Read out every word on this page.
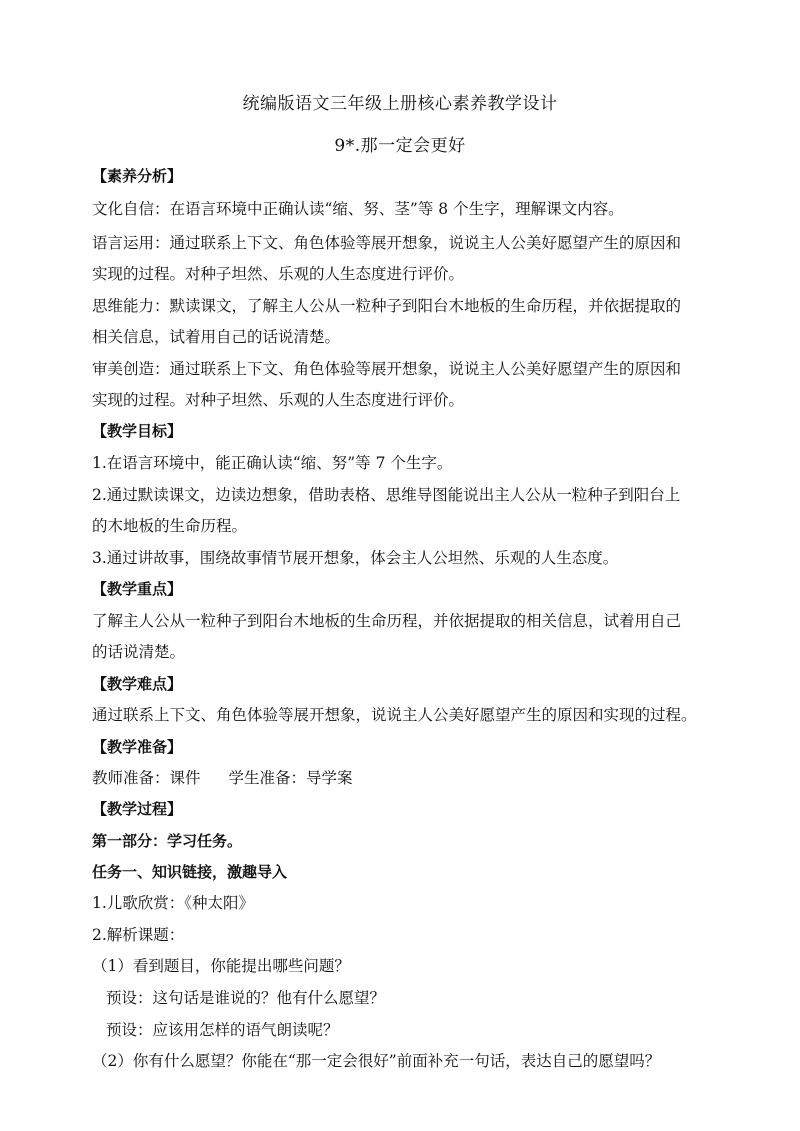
统编版语文三年级上册核心素养教学设计
9*.那一定会更好
【素养分析】
文化自信：在语言环境中正确认读“缩、努、茎”等 8 个生字，理解课文内容。
语言运用：通过联系上下文、角色体验等展开想象，说说主人公美好愿望产生的原因和
实现的过程。对种子坦然、乐观的人生态度进行评价。
思维能力：默读课文，了解主人公从一粒种子到阳台木地板的生命历程，并依据提取的
相关信息，试着用自己的话说清楚。
审美创造：通过联系上下文、角色体验等展开想象，说说主人公美好愿望产生的原因和
实现的过程。对种子坦然、乐观的人生态度进行评价。
【教学目标】
1.在语言环境中，能正确认读“缩、努”等 7 个生字。
2.通过默读课文，边读边想象，借助表格、思维导图能说出主人公从一粒种子到阳台上
的木地板的生命历程。
3.通过讲故事，围绕故事情节展开想象，体会主人公坦然、乐观的人生态度。
【教学重点】
了解主人公从一粒种子到阳台木地板的生命历程，并依据提取的相关信息，试着用自己
的话说清楚。
【教学难点】
通过联系上下文、角色体验等展开想象，说说主人公美好愿望产生的原因和实现的过程。
【教学准备】
教师准备：课件 学生准备：导学案
【教学过程】
第一部分：学习任务。
任务一、知识链接，激趣导入
1.儿歌欣赏：《种太阳》
2.解析课题：
（1）看到题目，你能提出哪些问题？
预设：这句话是谁说的？他有什么愿望？
预设：应该用怎样的语气朗读呢？
（2）你有什么愿望？你能在“那一定会很好”前面补充一句话，表达自己的愿望吗？
